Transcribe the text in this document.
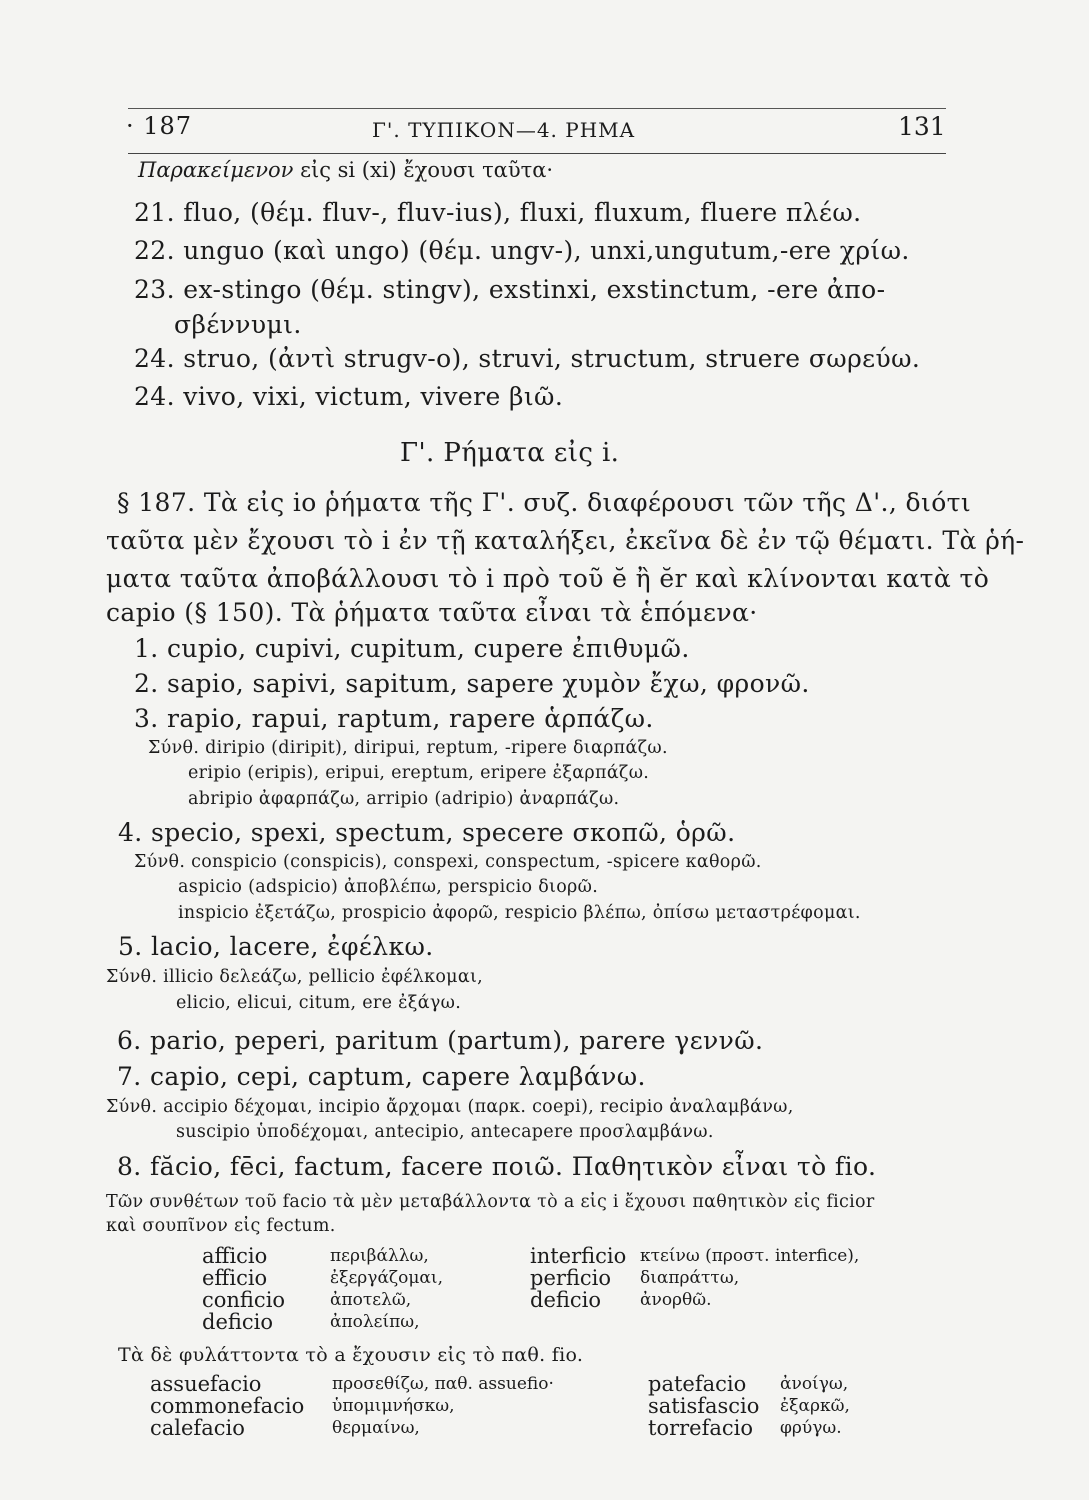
· 187	Γ'. ΤΥΠΙΚΟΝ—4. ΡΗΜΑ	131
Παρακείμενον εἰς si (xi) ἔχουσι ταῦτα·
21. fluo, (θέμ. fluv-, fluv-ius), fluxi, fluxum, fluere πλέω.
22. unguo (καὶ ungo) (θέμ. ungv-), unxi,ungutum,-ere χρίω.
23. ex-stingo (θέμ. stingv), exstinxi, exstinctum, -ere ἀπο-
σβέννυμι.
24. struo, (ἀντὶ strugv-o), struvi, structum, struere σωρεύω.
24. vivo, vixi, victum, vivere βιῶ.
Γ'. Ρήματα εἰς i.
§ 187. Τὰ εἰς io ῥήματα τῆς Γ'. συζ. διαφέρουσι τῶν τῆς Δ'., διότι
ταῦτα μὲν ἔχουσι τὸ i ἐν τῇ καταλήξει, ἐκεῖνα δὲ ἐν τῷ θέματι. Τὰ ῥή-
ματα ταῦτα ἀποβάλλουσι τὸ i πρὸ τοῦ ĕ ἢ ĕr καὶ κλίνονται κατὰ τὸ
capio (§ 150). Τὰ ῥήματα ταῦτα εἶναι τὰ ἑπόμενα·
1. cupio, cupivi, cupitum, cupere ἐπιθυμῶ.
2. sapio, sapivi, sapitum, sapere χυμὸν ἔχω, φρονῶ.
3. rapio, rapui, raptum, rapere ἁρπάζω.
Σύνθ. diripio (diripit), diripui, reptum, -ripere διαρπάζω.
eripio (eripis), eripui, ereptum, eripere ἐξαρπάζω.
abripio ἀφαρπάζω, arripio (adripio) ἀναρπάζω.
4. specio, spexi, spectum, specere σκοπῶ, ὁρῶ.
Σύνθ. conspicio (conspicis), conspexi, conspectum, -spicere καθορῶ.
aspicio (adspicio) ἀποβλέπω, perspicio διορῶ.
inspicio ἐξετάζω, prospicio ἀφορῶ, respicio βλέπω, ὀπίσω μεταστρέφομαι.
5. lacio, lacere, ἐφέλκω.
Σύνθ. illicio δελεάζω, pellicio ἐφέλκομαι,
elicio, elicui, citum, ere ἐξάγω.
6. pario, peperi, paritum (partum), parere γεννῶ.
7. capio, cepi, captum, capere λαμβάνω.
Σύνθ. accipio δέχομαι, incipio ἄρχομαι (παρκ. coepi), recipio ἀναλαμβάνω,
suscipio ὑποδέχομαι, antecipio, antecapere προσλαμβάνω.
8. făcio, fēci, factum, facere ποιῶ. Παθητικὸν εἶναι τὸ fio.
Τῶν συνθέτων τοῦ facio τὰ μὲν μεταβάλλοντα τὸ a εἰς i ἔχουσι παθητικὸν εἰς ficior
καὶ σουπῖνον εἰς fectum.
afficio	περιβάλλω,
efficio	ἐξεργάζομαι,
conficio	ἀποτελῶ,
deficio	ἀπολείπω,
interficio κτείνω (προστ. interfice),
perficio διαπράττω,
deficio ἀνορθῶ.
Τὰ δὲ φυλάττοντα τὸ a ἔχουσιν εἰς τὸ παθ. fio.
assuefacio	προσεθίζω, παθ. assuefio·
commonefacio ὑπομιμνήσκω,
calefacio	θερμαίνω,
patefacio ἀνοίγω,
satisfascio ἐξαρκῶ,
torrefacio φρύγω.
